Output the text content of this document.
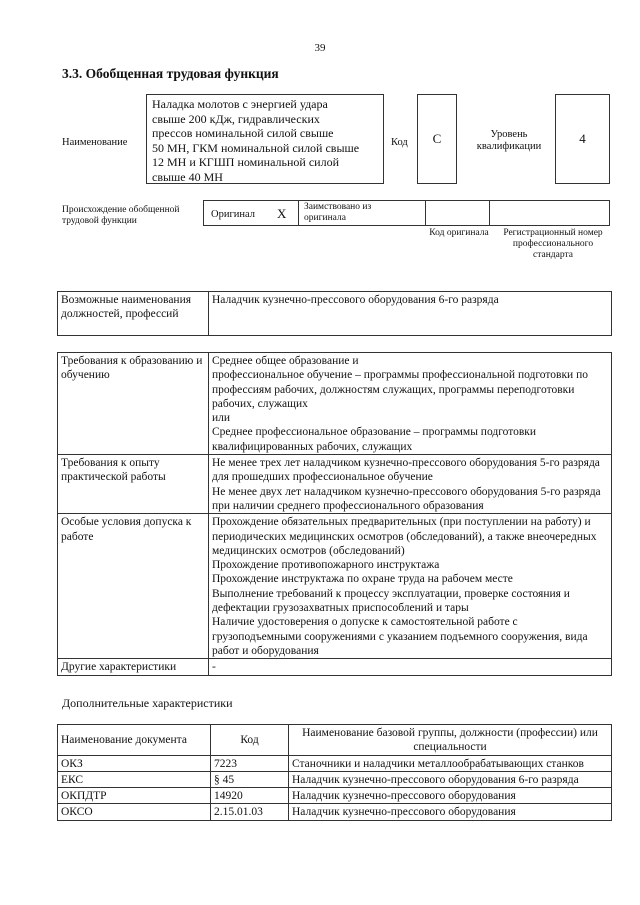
39
3.3. Обобщенная трудовая функция
Наименование
Наладка молотов с энергией удара
свыше 200 кДж, гидравлических
прессов номинальной силой свыше
50 МН, ГКМ номинальной силой свыше
12 МН и КГШП номинальной силой
свыше 40 МН
Код C	Уровень квалификации
4
Происхождение обобщенной трудовой функции
Оригинал X Заимствовано из оригинала
Код оригинала	Регистрационный номер профессионального стандарта
Возможные наименования должностей, профессий	Наладчик кузнечно-прессового оборудования 6-го разряда
Требования к образованию и обучению	Среднее общее образование и
профессиональное обучение – программы профессиональной подготовки по профессиям рабочих, должностям служащих, программы переподготовки рабочих, служащих
или
Среднее профессиональное образование – программы подготовки квалифицированных рабочих, служащих

Требования к опыту практической работы	Не менее трех лет наладчиком кузнечно-прессового оборудования 5-го разряда для прошедших профессиональное обучение
Не менее двух лет наладчиком кузнечно-прессового оборудования 5-го разряда при наличии среднего профессионального образования

Особые условия допуска к работе	Прохождение обязательных предварительных (при поступлении на работу) и периодических медицинских осмотров (обследований), а также внеочередных медицинских осмотров (обследований)
Прохождение противопожарного инструктажа
Прохождение инструктажа по охране труда на рабочем месте
Выполнение требований к процессу эксплуатации, проверке состояния и дефектации грузозахватных приспособлений и тары
Наличие удостоверения о допуске к самостоятельной работе с грузоподъемными сооружениями с указанием подъемного сооружения, вида работ и оборудования

Другие характеристики	-
Дополнительные характеристики
Наименование документа	Код	Наименование базовой группы, должности (профессии) или специальности
ОКЗ	7223	Станочники и наладчики металлообрабатывающих станков
ЕКС	§ 45	Наладчик кузнечно-прессового оборудования 6-го разряда
ОКПДТР	14920	Наладчик кузнечно-прессового оборудования
ОКСО	2.15.01.03	Наладчик кузнечно-прессового оборудования
